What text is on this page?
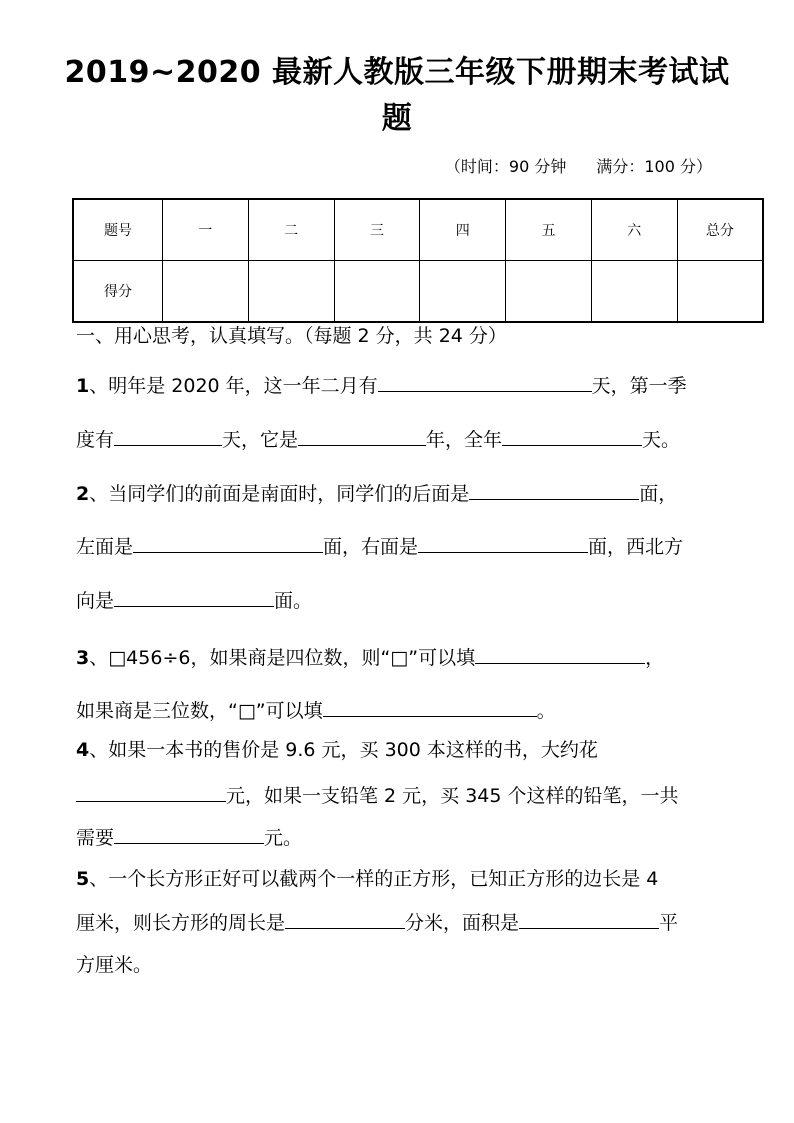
2019~2020 最新人教版三年级下册期末考试试
题
（时间：90 分钟 满分：100 分）
题号	一	二	三	四	五	六	总分
得分							
一、用心思考，认真填写。（每题 2 分，共 24 分）
1、明年是 2020 年，这一年二月有	天，第一季
度有	天，它是	年，全年	天。
2、当同学们的前面是南面时，同学们的后面是	面，
左面是	面，右面是	面，西北方
向是	面。
3、□456÷6，如果商是四位数，则“□”可以填	，
如果商是三位数，“□”可以填	。
4、如果一本书的售价是 9.6 元，买 300 本这样的书，大约花
元，如果一支铅笔 2 元，买 345 个这样的铅笔，一共
需要	元。
5、一个长方形正好可以截两个一样的正方形，已知正方形的边长是 4
厘米，则长方形的周长是	分米，面积是	平
方厘米。
